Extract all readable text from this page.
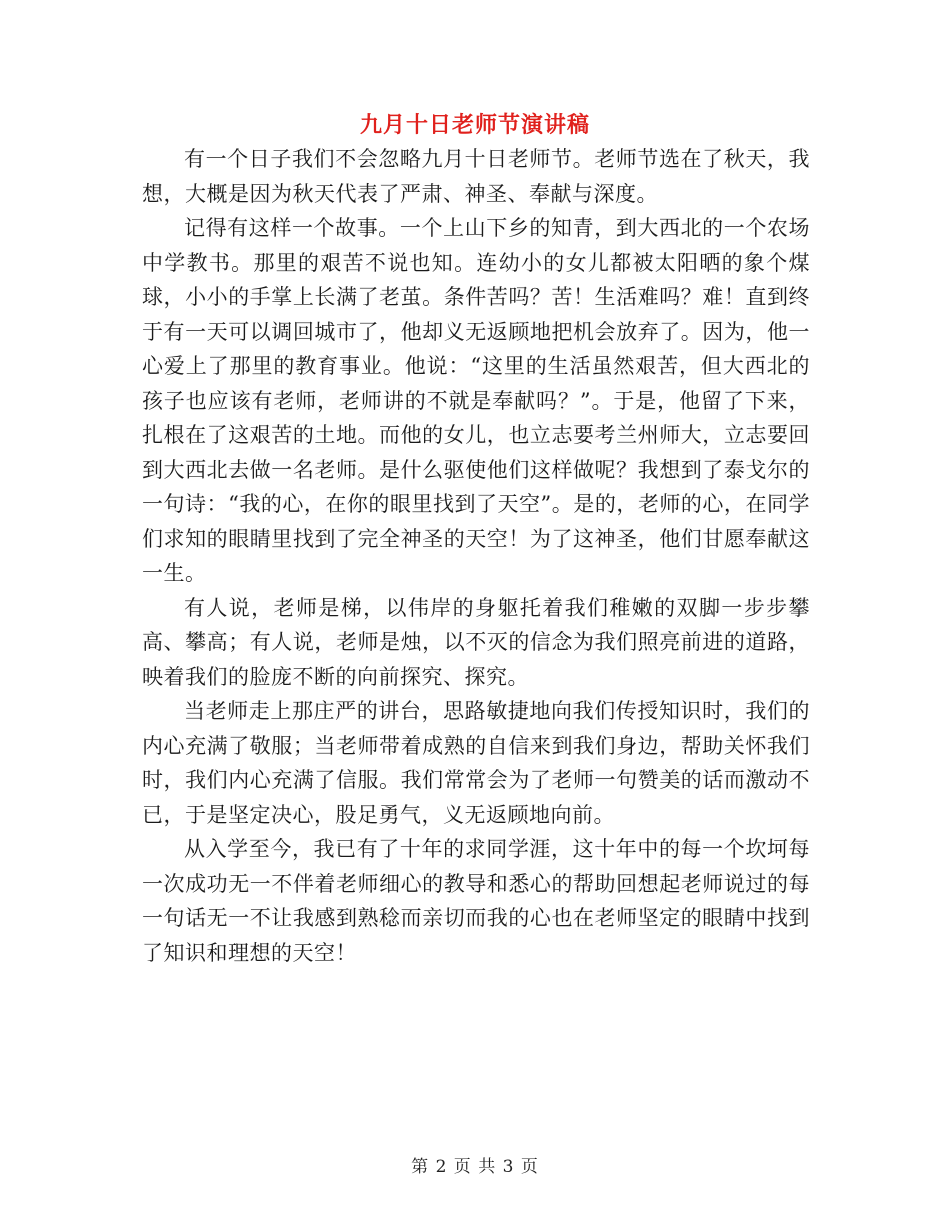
九月十日老师节演讲稿

有一个日子我们不会忽略九月十日老师节。老师节选在了秋天，我想，大概是因为秋天代表了严肃、神圣、奉献与深度。

记得有这样一个故事。一个上山下乡的知青，到大西北的一个农场中学教书。那里的艰苦不说也知。连幼小的女儿都被太阳晒的象个煤球，小小的手掌上长满了老茧。条件苦吗？苦！生活难吗？难！直到终于有一天可以调回城市了，他却义无返顾地把机会放弃了。因为，他一心爱上了那里的教育事业。他说：“这里的生活虽然艰苦，但大西北的孩子也应该有老师，老师讲的不就是奉献吗？”。于是，他留了下来，扎根在了这艰苦的土地。而他的女儿，也立志要考兰州师大，立志要回到大西北去做一名老师。是什么驱使他们这样做呢？我想到了泰戈尔的一句诗：“我的心，在你的眼里找到了天空”。是的，老师的心，在同学们求知的眼睛里找到了完全神圣的天空！为了这神圣，他们甘愿奉献这一生。

有人说，老师是梯，以伟岸的身躯托着我们稚嫩的双脚一步步攀高、攀高；有人说，老师是烛，以不灭的信念为我们照亮前进的道路，映着我们的脸庞不断的向前探究、探究。

当老师走上那庄严的讲台，思路敏捷地向我们传授知识时，我们的内心充满了敬服；当老师带着成熟的自信来到我们身边，帮助关怀我们时，我们内心充满了信服。我们常常会为了老师一句赞美的话而激动不已，于是坚定决心，股足勇气，义无返顾地向前。

从入学至今，我已有了十年的求同学涯，这十年中的每一个坎坷每一次成功无一不伴着老师细心的教导和悉心的帮助回想起老师说过的每一句话无一不让我感到熟稔而亲切而我的心也在老师坚定的眼睛中找到了知识和理想的天空！

第 2 页 共 3 页
